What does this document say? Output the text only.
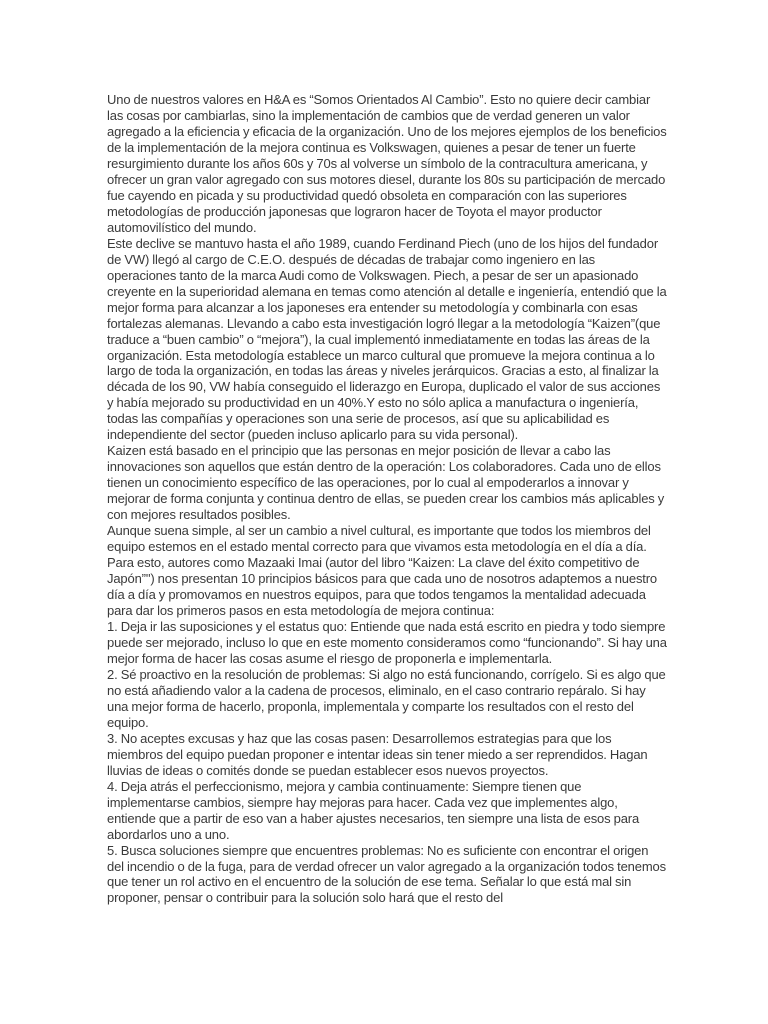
Uno de nuestros valores en H&A es “Somos Orientados Al Cambio”. Esto no quiere decir cambiar las cosas por cambiarlas, sino la implementación de cambios que de verdad generen un valor agregado a la eficiencia y eficacia de la organización. Uno de los mejores ejemplos de los beneficios de la implementación de la mejora continua es Volkswagen, quienes a pesar de tener un fuerte resurgimiento durante los años 60s y 70s al volverse un símbolo de la contracultura americana, y ofrecer un gran valor agregado con sus motores diesel, durante los 80s su participación de mercado fue cayendo en picada y su productividad quedó obsoleta en comparación con las superiores metodologías de producción japonesas que lograron hacer de Toyota el mayor productor automovilístico del mundo.

Este declive se mantuvo hasta el año 1989, cuando Ferdinand Piech (uno de los hijos del fundador de VW) llegó al cargo de C.E.O. después de décadas de trabajar como ingeniero en las operaciones tanto de la marca Audi como de Volkswagen. Piech, a pesar de ser un apasionado creyente en la superioridad alemana en temas como atención al detalle e ingeniería, entendió que la mejor forma para alcanzar a los japoneses era entender su metodología y combinarla con esas fortalezas alemanas. Llevando a cabo esta investigación logró llegar a la metodología “Kaizen”(que traduce a “buen cambio” o “mejora”), la cual implementó inmediatamente en todas las áreas de la organización. Esta metodología establece un marco cultural que promueve la mejora continua a lo largo de toda la organización, en todas las áreas y niveles jerárquicos. Gracias a esto, al finalizar la década de los 90, VW había conseguido el liderazgo en Europa, duplicado el valor de sus acciones y había mejorado su productividad en un 40%.Y esto no sólo aplica a manufactura o ingeniería, todas las compañías y operaciones son una serie de procesos, así que su aplicabilidad es independiente del sector (pueden incluso aplicarlo para su vida personal).

Kaizen está basado en el principio que las personas en mejor posición de llevar a cabo las innovaciones son aquellos que están dentro de la operación: Los colaboradores. Cada uno de ellos tienen un conocimiento específico de las operaciones, por lo cual al empoderarlos a innovar y mejorar de forma conjunta y continua dentro de ellas, se pueden crear los cambios más aplicables y con mejores resultados posibles.

Aunque suena simple, al ser un cambio a nivel cultural, es importante que todos los miembros del equipo estemos en el estado mental correcto para que vivamos esta metodología en el día a día. Para esto, autores como Mazaaki Imai (autor del libro “Kaizen: La clave del éxito competitivo de Japón”") nos presentan 10 principios básicos para que cada uno de nosotros adaptemos a nuestro día a día y promovamos en nuestros equipos, para que todos tengamos la mentalidad adecuada para dar los primeros pasos en esta metodología de mejora continua:

1. Deja ir las suposiciones y el estatus quo: Entiende que nada está escrito en piedra y todo siempre puede ser mejorado, incluso lo que en este momento consideramos como “funcionando”. Si hay una mejor forma de hacer las cosas asume el riesgo de proponerla e implementarla.

2. Sé proactivo en la resolución de problemas: Si algo no está funcionando, corrígelo. Si es algo que no está añadiendo valor a la cadena de procesos, eliminalo, en el caso contrario repáralo. Si hay una mejor forma de hacerlo, proponla, implementala y comparte los resultados con el resto del equipo.

3. No aceptes excusas y haz que las cosas pasen: Desarrollemos estrategias para que los miembros del equipo puedan proponer e intentar ideas sin tener miedo a ser reprendidos. Hagan lluvias de ideas o comités donde se puedan establecer esos nuevos proyectos.

4. Deja atrás el perfeccionismo, mejora y cambia continuamente: Siempre tienen que implementarse cambios, siempre hay mejoras para hacer. Cada vez que implementes algo, entiende que a partir de eso van a haber ajustes necesarios, ten siempre una lista de esos para abordarlos uno a uno.

5. Busca soluciones siempre que encuentres problemas: No es suficiente con encontrar el origen del incendio o de la fuga, para de verdad ofrecer un valor agregado a la organización todos tenemos que tener un rol activo en el encuentro de la solución de ese tema. Señalar lo que está mal sin proponer, pensar o contribuir para la solución solo hará que el resto del
